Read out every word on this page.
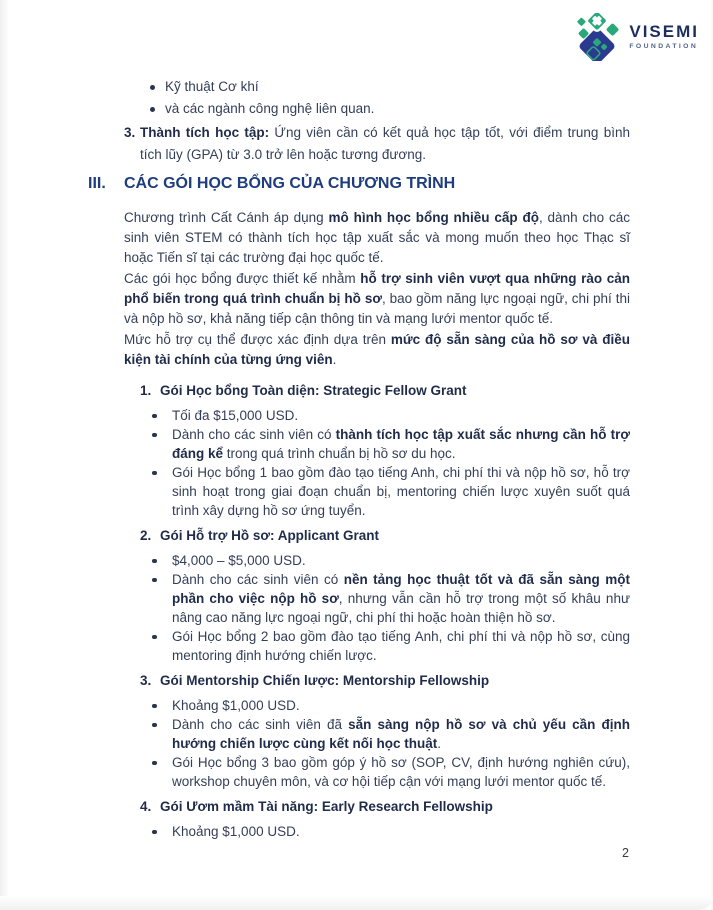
VISEMI
FOUNDATION
Kỹ thuật Cơ khí
và các ngành công nghệ liên quan.
3. Thành tích học tập: Ứng viên cần có kết quả học tập tốt, với điểm trung bình tích lũy (GPA) từ 3.0 trở lên hoặc tương đương.
III. CÁC GÓI HỌC BỔNG CỦA CHƯƠNG TRÌNH

Chương trình Cất Cánh áp dụng mô hình học bổng nhiều cấp độ, dành cho các sinh viên STEM có thành tích học tập xuất sắc và mong muốn theo học Thạc sĩ hoặc Tiến sĩ tại các trường đại học quốc tế.

Các gói học bổng được thiết kế nhằm hỗ trợ sinh viên vượt qua những rào cản phổ biến trong quá trình chuẩn bị hồ sơ, bao gồm năng lực ngoại ngữ, chi phí thi và nộp hồ sơ, khả năng tiếp cận thông tin và mạng lưới mentor quốc tế.

Mức hỗ trợ cụ thể được xác định dựa trên mức độ sẵn sàng của hồ sơ và điều kiện tài chính của từng ứng viên.

1. Gói Học bổng Toàn diện: Strategic Fellow Grant
Tối đa $15,000 USD.
Dành cho các sinh viên có thành tích học tập xuất sắc nhưng cần hỗ trợ đáng kể trong quá trình chuẩn bị hồ sơ du học.
Gói Học bổng 1 bao gồm đào tạo tiếng Anh, chi phí thi và nộp hồ sơ, hỗ trợ sinh hoạt trong giai đoạn chuẩn bị, mentoring chiến lược xuyên suốt quá trình xây dựng hồ sơ ứng tuyển.
2. Gói Hỗ trợ Hồ sơ: Applicant Grant
$4,000 – $5,000 USD.
Dành cho các sinh viên có nền tảng học thuật tốt và đã sẵn sàng một phần cho việc nộp hồ sơ, nhưng vẫn cần hỗ trợ trong một số khâu như nâng cao năng lực ngoại ngữ, chi phí thi hoặc hoàn thiện hồ sơ.
Gói Học bổng 2 bao gồm đào tạo tiếng Anh, chi phí thi và nộp hồ sơ, cùng mentoring định hướng chiến lược.
3. Gói Mentorship Chiến lược: Mentorship Fellowship
Khoảng $1,000 USD.
Dành cho các sinh viên đã sẵn sàng nộp hồ sơ và chủ yếu cần định hướng chiến lược cùng kết nối học thuật.
Gói Học bổng 3 bao gồm góp ý hồ sơ (SOP, CV, định hướng nghiên cứu), workshop chuyên môn, và cơ hội tiếp cận với mạng lưới mentor quốc tế.
4. Gói Ươm mầm Tài năng: Early Research Fellowship
Khoảng $1,000 USD.
2
